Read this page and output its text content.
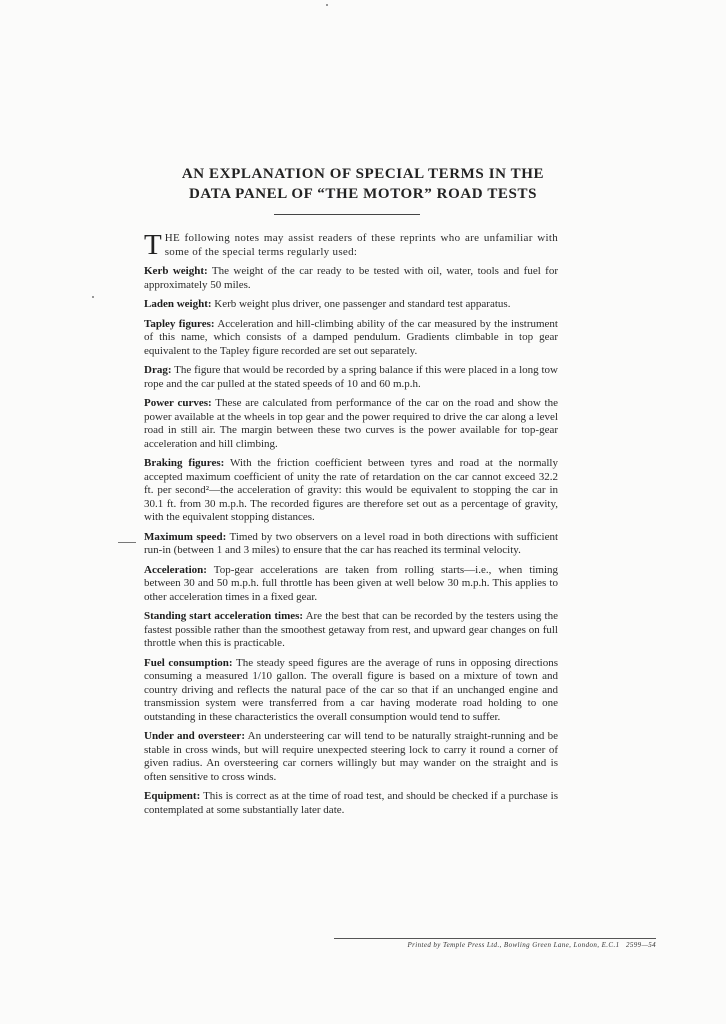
AN EXPLANATION OF SPECIAL TERMS IN THE
DATA PANEL OF “THE MOTOR” ROAD TESTS

THE following notes may assist readers of these reprints who are unfamiliar with some of the special terms regularly used:

Kerb weight: The weight of the car ready to be tested with oil, water, tools and fuel for approximately 50 miles.

Laden weight: Kerb weight plus driver, one passenger and standard test apparatus.

Tapley figures: Acceleration and hill-climbing ability of the car measured by the instrument of this name, which consists of a damped pendulum. Gradients climbable in top gear equivalent to the Tapley figure recorded are set out separately.

Drag: The figure that would be recorded by a spring balance if this were placed in a long tow rope and the car pulled at the stated speeds of 10 and 60 m.p.h.

Power curves: These are calculated from performance of the car on the road and show the power available at the wheels in top gear and the power required to drive the car along a level road in still air. The margin between these two curves is the power available for top-gear acceleration and hill climbing.

Braking figures: With the friction coefficient between tyres and road at the normally accepted maximum coefficient of unity the rate of retardation on the car cannot exceed 32.2 ft. per second²—the acceleration of gravity: this would be equivalent to stopping the car in 30.1 ft. from 30 m.p.h. The recorded figures are therefore set out as a percentage of gravity, with the equivalent stopping distances.

Maximum speed: Timed by two observers on a level road in both directions with sufficient run-in (between 1 and 3 miles) to ensure that the car has reached its terminal velocity.

Acceleration: Top-gear accelerations are taken from rolling starts—i.e., when timing between 30 and 50 m.p.h. full throttle has been given at well below 30 m.p.h. This applies to other acceleration times in a fixed gear.

Standing start acceleration times: Are the best that can be recorded by the testers using the fastest possible rather than the smoothest getaway from rest, and upward gear changes on full throttle when this is practicable.

Fuel consumption: The steady speed figures are the average of runs in opposing directions consuming a measured 1/10 gallon. The overall figure is based on a mixture of town and country driving and reflects the natural pace of the car so that if an unchanged engine and transmission system were transferred from a car having moderate road holding to one outstanding in these characteristics the overall consumption would tend to suffer.

Under and oversteer: An understeering car will tend to be naturally straight-running and be stable in cross winds, but will require unexpected steering lock to carry it round a corner of given radius. An oversteering car corners willingly but may wander on the straight and is often sensitive to cross winds.

Equipment: This is correct as at the time of road test, and should be checked if a purchase is contemplated at some substantially later date.

Printed by Temple Press Ltd., Bowling Green Lane, London, E.C.1 2599—54
